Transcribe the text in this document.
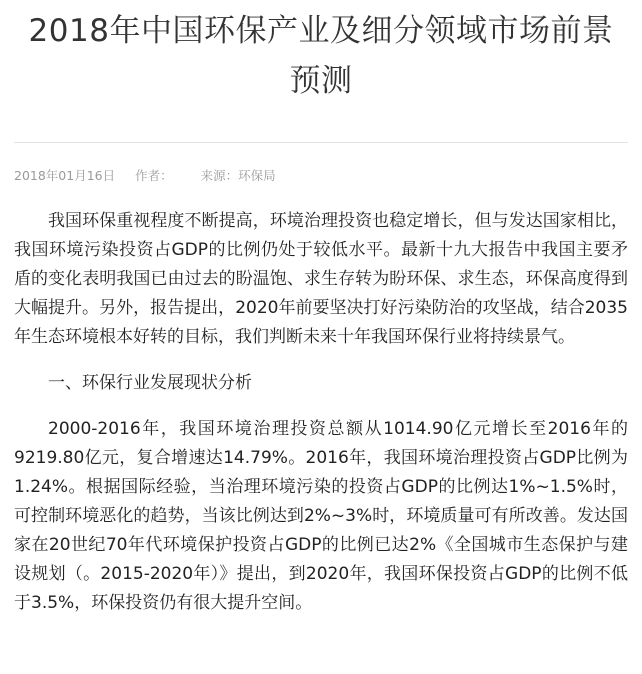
2018年中国环保产业及细分领域市场前景预测
2018年01月16日 作者： 来源：环保局

我国环保重视程度不断提高，环境治理投资也稳定增长，但与发达国家相比，我国环境污染投资占GDP的比例仍处于较低水平。最新十九大报告中我国主要矛盾的变化表明我国已由过去的盼温饱、求生存转为盼环保、求生态，环保高度得到大幅提升。另外，报告提出，2020年前要坚决打好污染防治的攻坚战，结合2035年生态环境根本好转的目标，我们判断未来十年我国环保行业将持续景气。

一、环保行业发展现状分析

2000-2016年，我国环境治理投资总额从1014.90亿元增长至2016年的9219.80亿元，复合增速达14.79%。2016年，我国环境治理投资占GDP比例为1.24%。根据国际经验，当治理环境污染的投资占GDP的比例达1%~1.5%时，可控制环境恶化的趋势，当该比例达到2%~3%时，环境质量可有所改善。发达国家在20世纪70年代环境保护投资占GDP的比例已达2%《全国城市生态保护与建设规划（。2015-2020年）》提出，到2020年，我国环保投资占GDP的比例不低于3.5%，环保投资仍有很大提升空间。
